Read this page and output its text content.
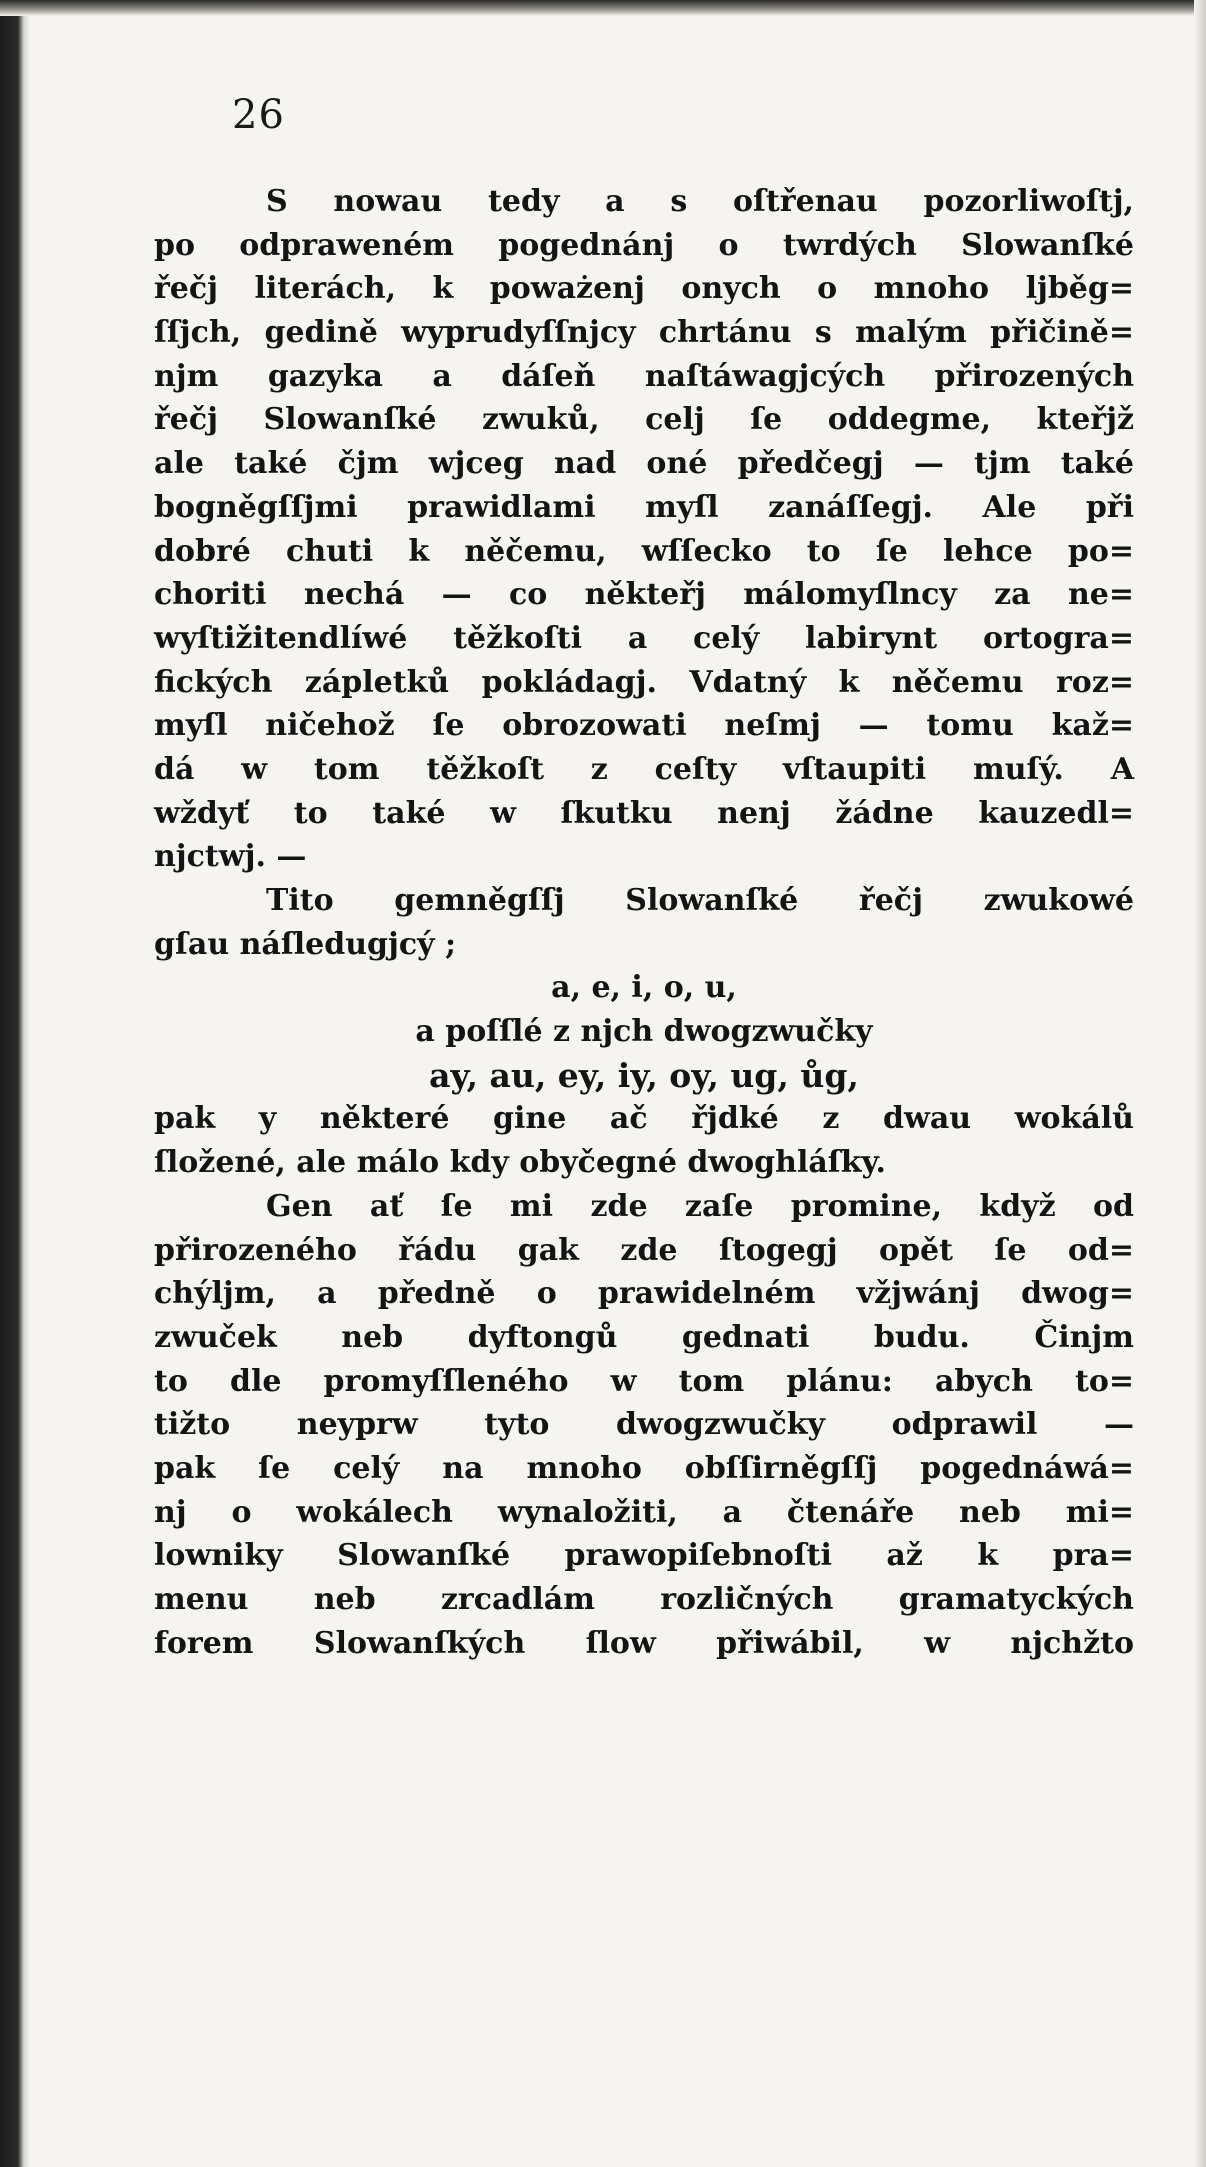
26
S nowau tedy a s oſtřenau pozorliwoſtj,
po odpraweném pogednánj o twrdých Slowanſké
řečj literách, k poważenj onych o mnoho ljběg=
ſſjch, gedině wyprudyſſnjcy chrtánu s malým přičině=
njm gazyka a dáſeň naſtáwagjcých přirozených
řečj Slowanſké zwuků, celj ſe oddegme, kteřjž
ale také čjm wjceg nad oné předčegj — tjm také
bogněgſſjmi prawidlami myſl zanáſſegj. Ale při
dobré chuti k něčemu, wſſecko to ſe lehce po=
choriti nechá — co někteřj málomyſlncy za ne=
wyſtižitendlíwé těžkoſti a celý labirynt ortogra=
fických zápletků pokládagj. Vdatný k něčemu roz=
myſl ničehož ſe obrozowati neſmj — tomu kaž=
dá w tom těžkoſt z ceſty vſtaupiti muſý. A
wždyť to také w ſkutku nenj žádne kauzedl=
njctwj. —
Tito gemněgſſj Slowanſké řečj zwukowé
gſau náſledugjcý ;
a, e, i, o, u,
a poſſlé z njch dwogzwučky
ay, au, ey, iy, oy, ug, ůg,
pak y některé gine ač řjdké z dwau wokálů
ſložené, ale málo kdy obyčegné dwoghláſky.
Gen ať ſe mi zde zaſe promine, když od
přirozeného řádu gak zde ſtogegj opět ſe od=
chýljm, a předně o prawidelném vžjwánj dwog=
zwuček neb dyftongů gednati budu. Činjm
to dle promyſſleného w tom plánu: abych to=
tižto neyprw tyto dwogzwučky odprawil —
pak ſe celý na mnoho obſſirněgſſj pogednáwá=
nj o wokálech wynaložiti, a čtenáře neb mi=
lowniky Slowanſké prawopiſebnoſti až k pra=
menu neb zrcadlám rozličných gramatyckých
forem Slowanſkých ſlow přiwábil, w njchžto
